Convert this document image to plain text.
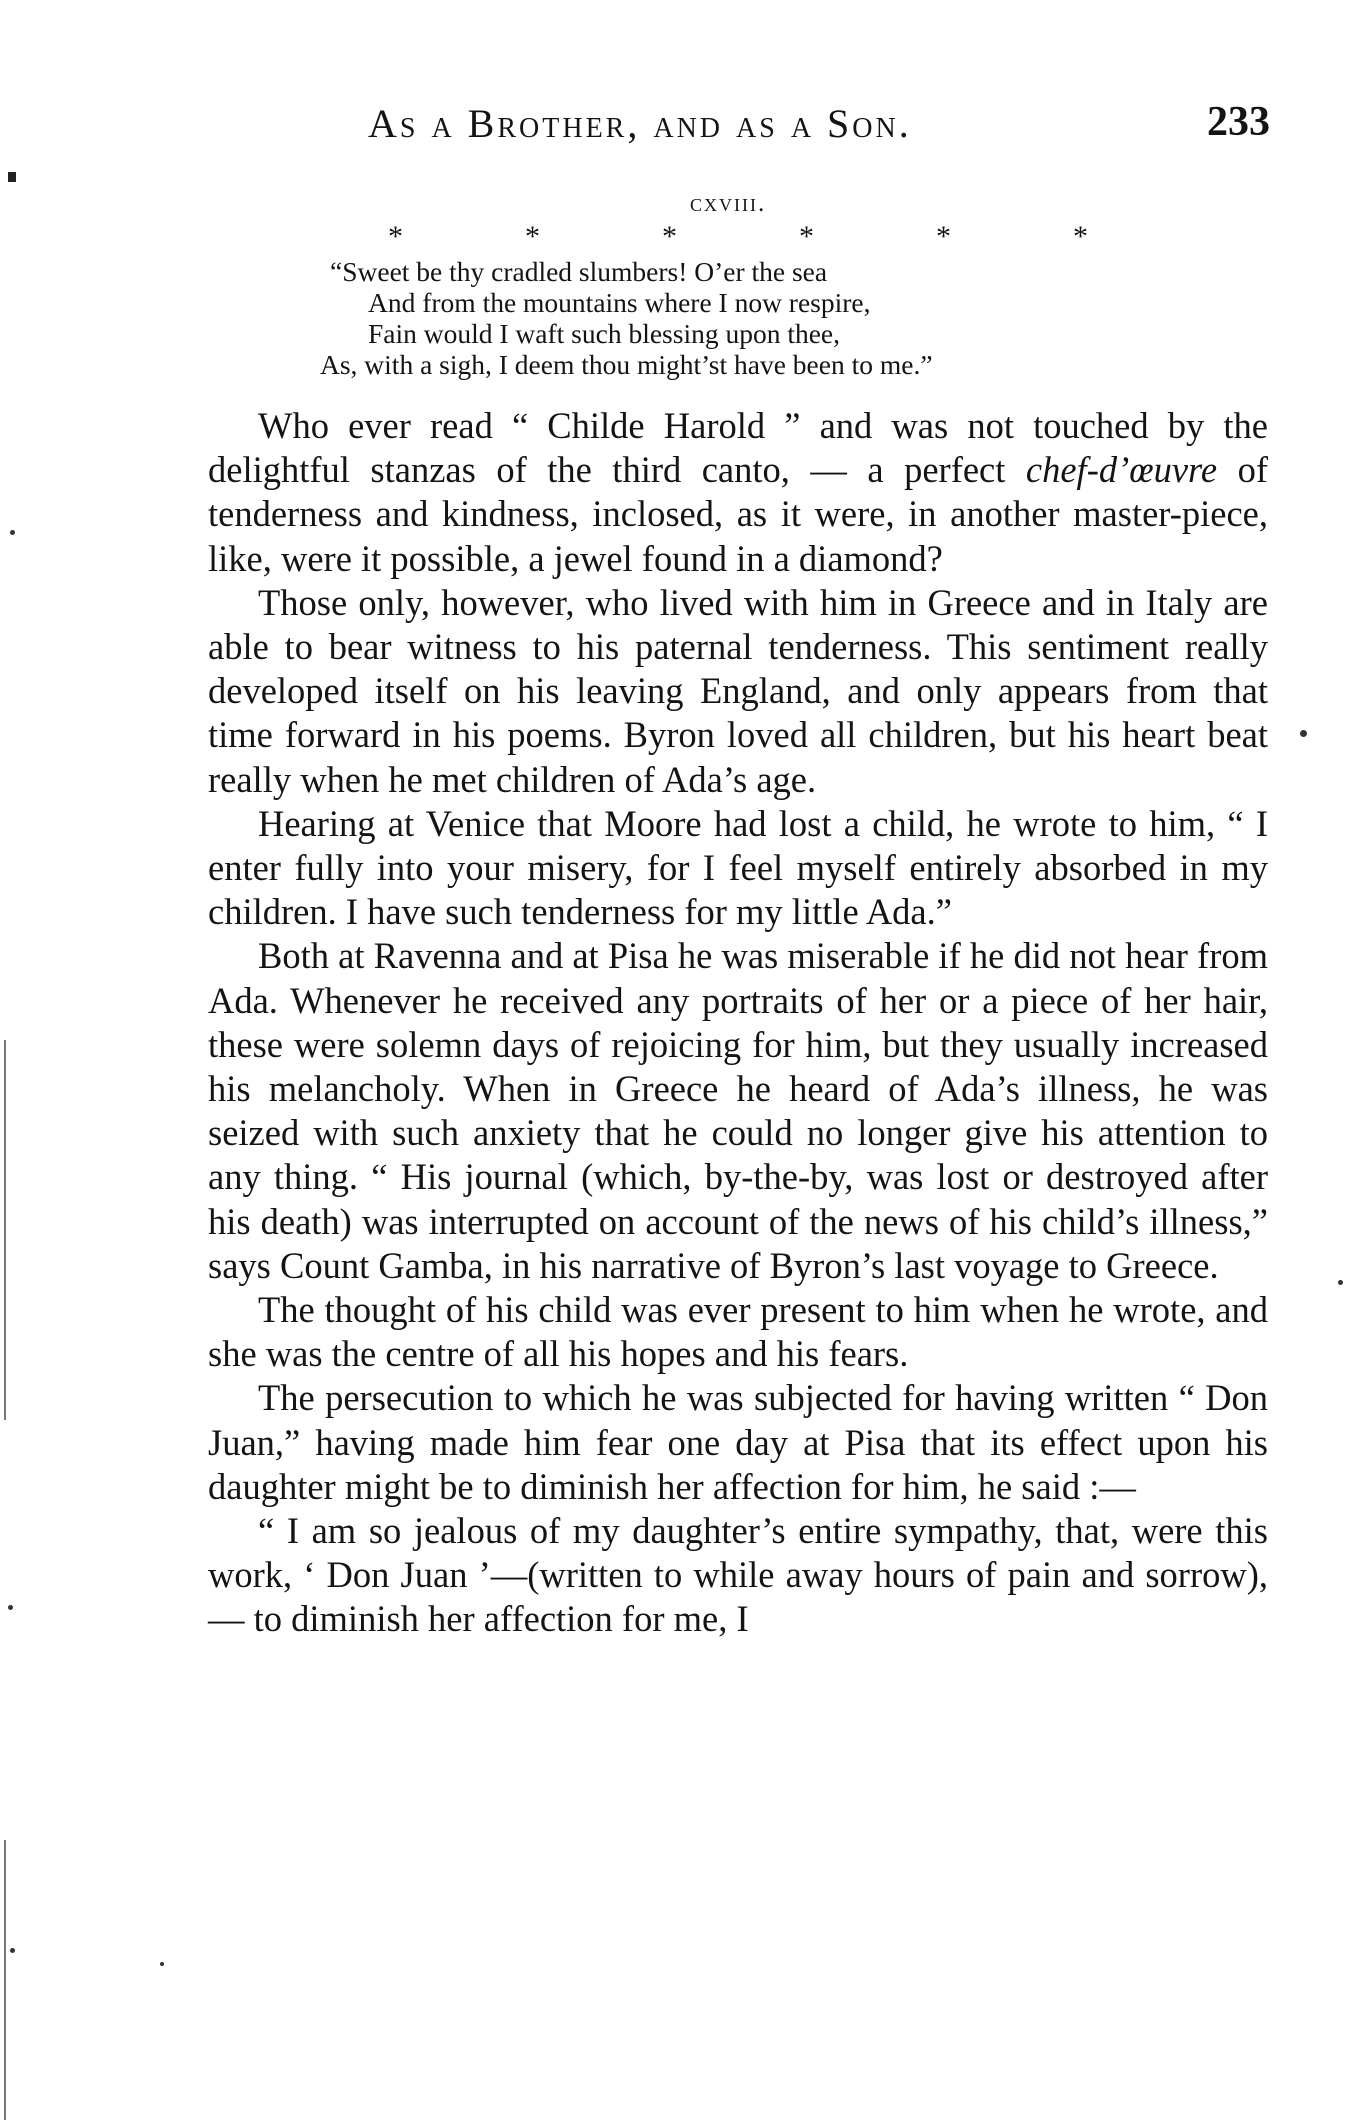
As a Brother, and as a Son.	233
cxviii.
*	*	*	*	*	*
“Sweet be thy cradled slumbers! O’er the sea
And from the mountains where I now respire,
Fain would I waft such blessing upon thee,
As, with a sigh, I deem thou might’st have been to me.”

Who ever read “ Childe Harold ” and was not touched by the delightful stanzas of the third canto, — a perfect chef-d’œuvre of tenderness and kindness, inclosed, as it were, in another master-piece, like, were it possible, a jewel found in a diamond?

Those only, however, who lived with him in Greece and in Italy are able to bear witness to his paternal tenderness. This sentiment really developed itself on his leaving England, and only appears from that time forward in his poems. Byron loved all children, but his heart beat really when he met children of Ada’s age.

Hearing at Venice that Moore had lost a child, he wrote to him, “ I enter fully into your misery, for I feel myself entirely absorbed in my children. I have such tenderness for my little Ada.”

Both at Ravenna and at Pisa he was miserable if he did not hear from Ada. Whenever he received any portraits of her or a piece of her hair, these were solemn days of rejoicing for him, but they usually increased his melancholy. When in Greece he heard of Ada’s illness, he was seized with such anxiety that he could no longer give his attention to any thing. “ His journal (which, by-the-by, was lost or destroyed after his death) was interrupted on account of the news of his child’s illness,” says Count Gamba, in his narrative of Byron’s last voyage to Greece.

The thought of his child was ever present to him when he wrote, and she was the centre of all his hopes and his fears.

The persecution to which he was subjected for having written “ Don Juan,” having made him fear one day at Pisa that its effect upon his daughter might be to diminish her affection for him, he said :—

“ I am so jealous of my daughter’s entire sympathy, that, were this work, ‘ Don Juan ’—(written to while away hours of pain and sorrow), — to diminish her affection for me, I
